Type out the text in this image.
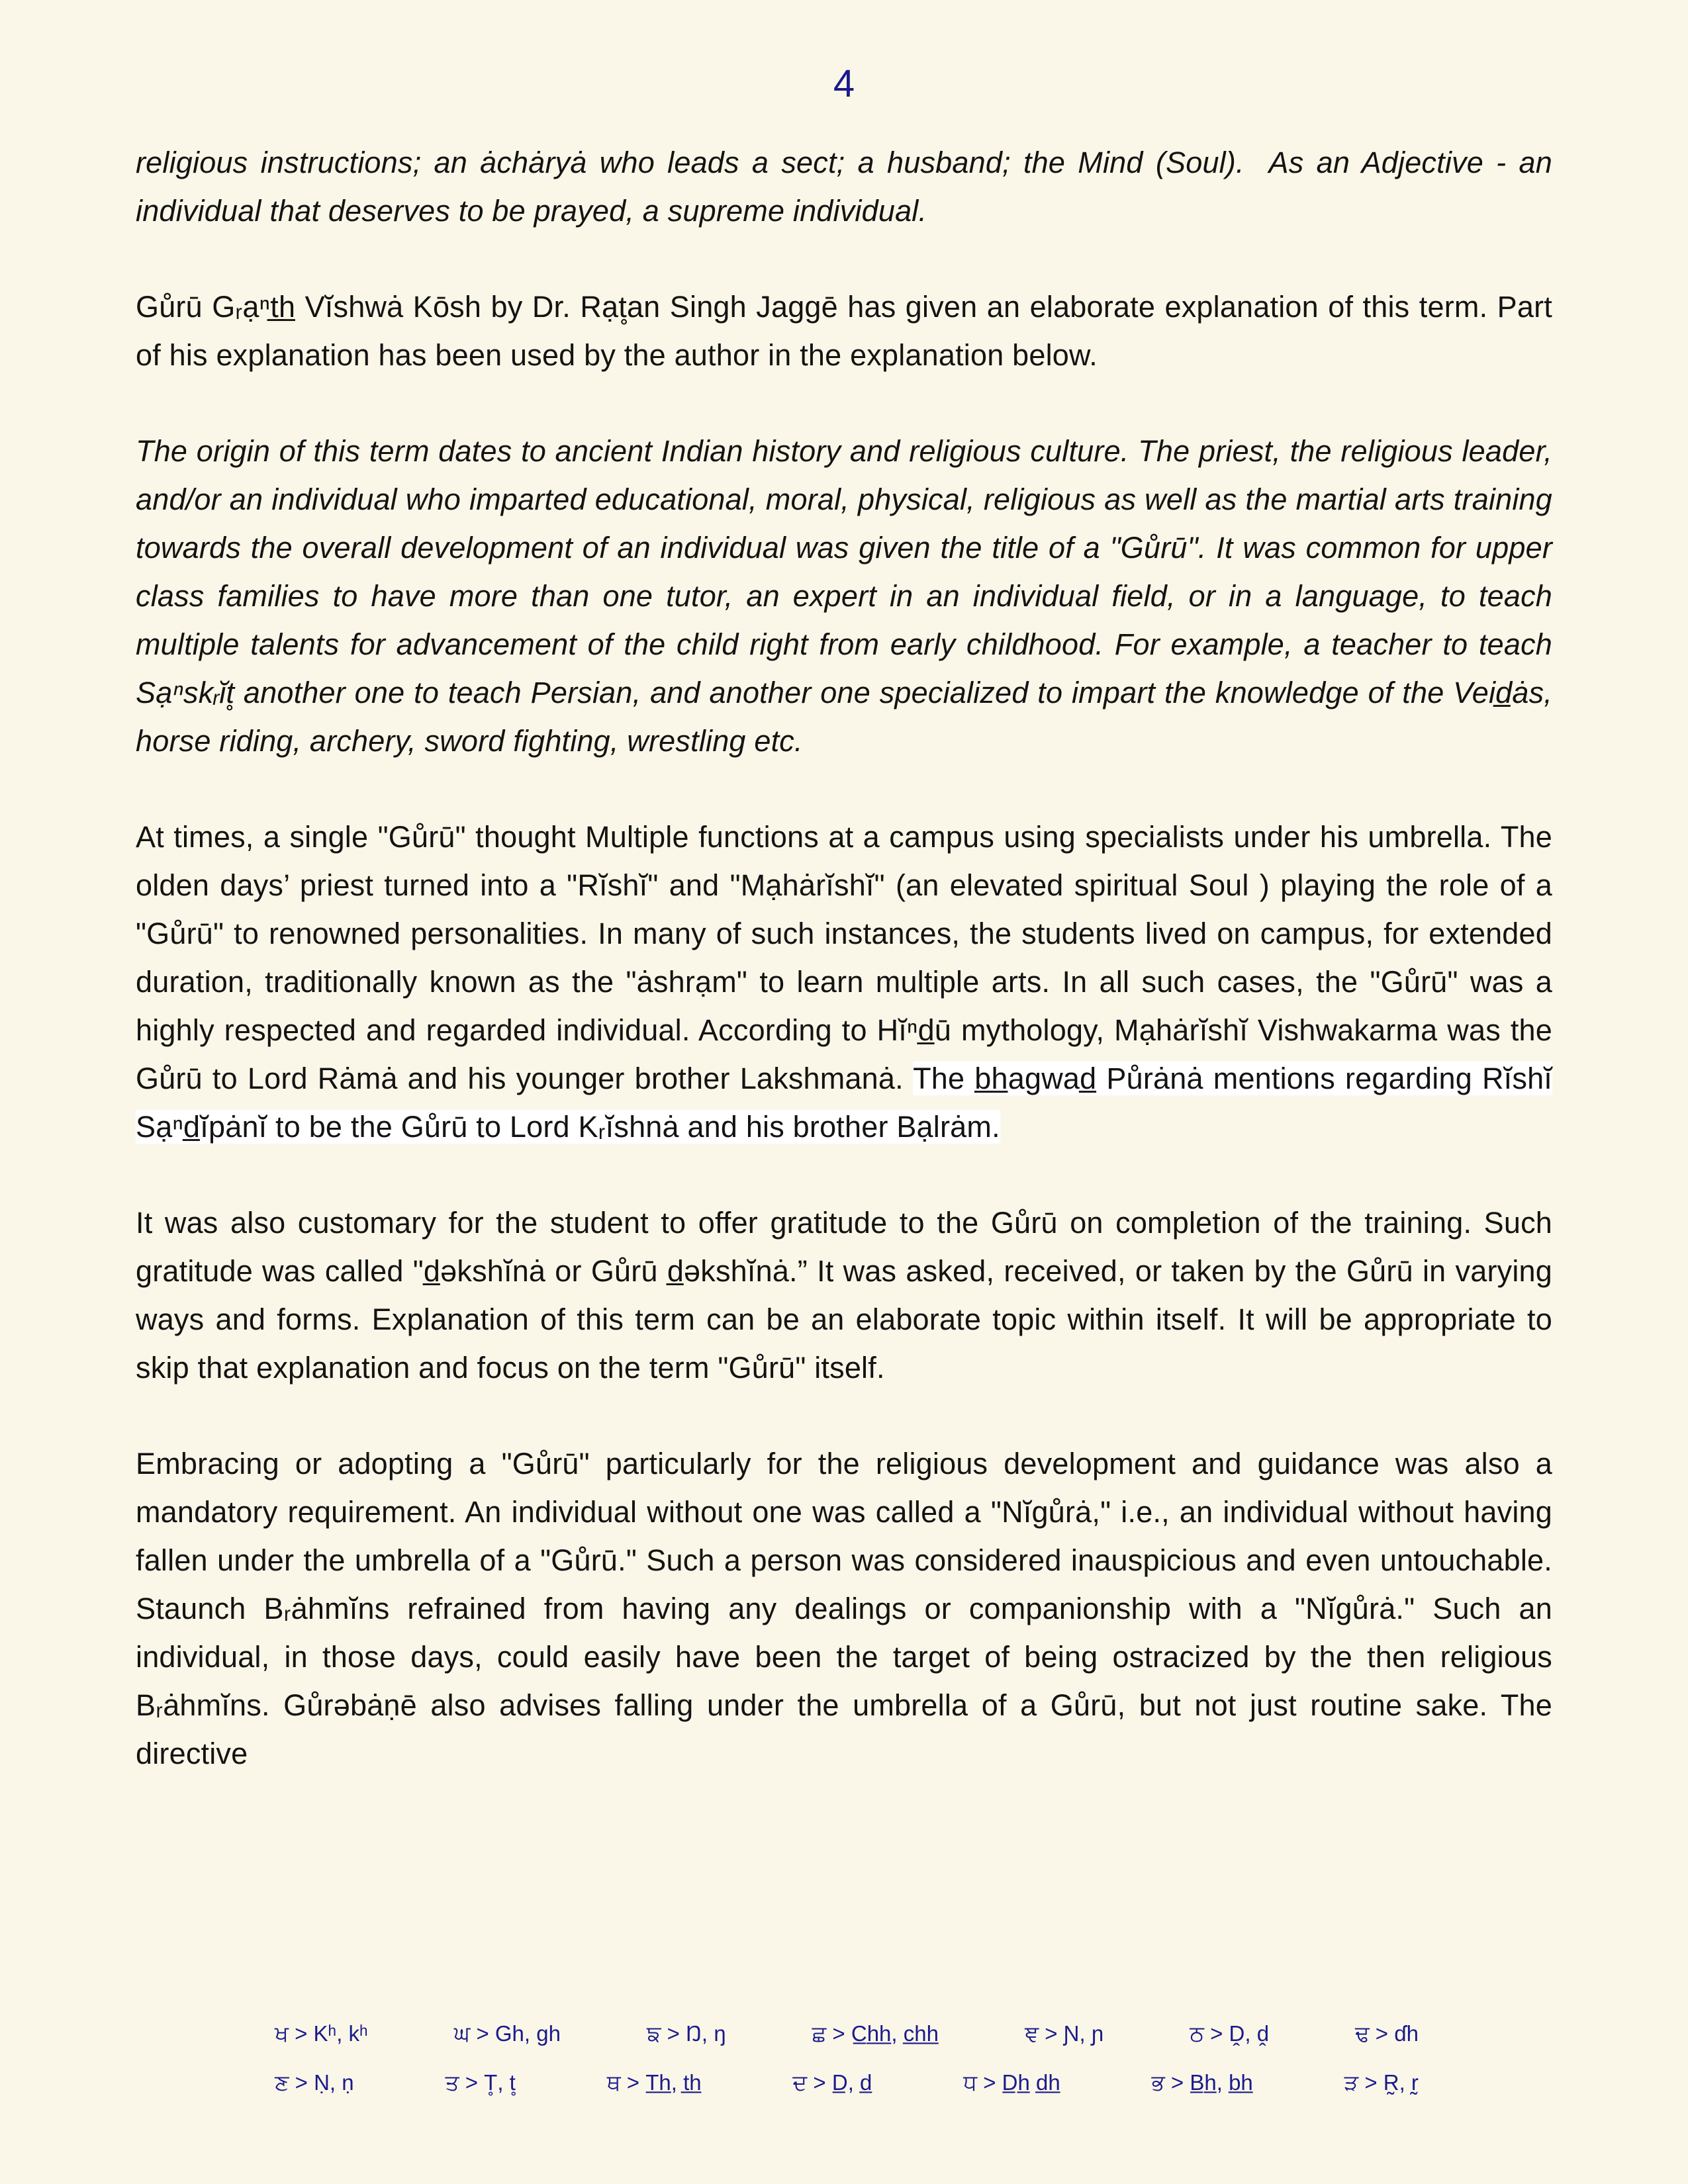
4

religious instructions; an ȧchȧryȧ who leads a sect; a husband; the Mind (Soul).  As an Adjective - an individual that deserves to be prayed, a supreme individual.

Gůrū Gᵣạⁿt̲h̲ Vĭshwȧ Kōsh by Dr. Rạt̥an Singh Jaggē has given an elaborate explanation of this term. Part of his explanation has been used by the author in the explanation below.

The origin of this term dates to ancient Indian history and religious culture. The priest, the religious leader, and/or an individual who imparted educational, moral, physical, religious as well as the martial arts training towards the overall development of an individual was given the title of a "Gůrū". It was common for upper class families to have more than one tutor, an expert in an individual field, or in a language, to teach multiple talents for advancement of the child right from early childhood. For example, a teacher to teach Sạⁿskᵣĭt̥ another one to teach Persian, and another one specialized to impart the knowledge of the Veid̲ȧs, horse riding, archery, sword fighting, wrestling etc.

At times, a single "Gůrū" thought Multiple functions at a campus using specialists under his umbrella. The olden days’ priest turned into a "Rĭshĭ" and "Mạhȧrĭshĭ" (an elevated spiritual Soul ) playing the role of a "Gůrū" to renowned personalities. In many of such instances, the students lived on campus, for extended duration, traditionally known as the "ȧshrạm" to learn multiple arts. In all such cases, the "Gůrū" was a highly respected and regarded individual. According to Hĭⁿd̲ū mythology, Mạhȧrĭshĭ Vishwakarma was the Gůrū to Lord Rȧmȧ and his younger brother Lakshmanȧ. The b̲h̲agwad̲ Půrȧnȧ mentions regarding Rĭshĭ Sạⁿd̲ĭpȧnĭ to be the Gůrū to Lord Kᵣĭshnȧ and his brother Bạlrȧm.

It was also customary for the student to offer gratitude to the Gůrū on completion of the training. Such gratitude was called "d̲əkshĭnȧ or Gůrū d̲əkshĭnȧ.” It was asked, received, or taken by the Gůrū in varying ways and forms. Explanation of this term can be an elaborate topic within itself. It will be appropriate to skip that explanation and focus on the term "Gůrū" itself.

Embracing or adopting a "Gůrū" particularly for the religious development and guidance was also a mandatory requirement. An individual without one was called a "Nĭgůrȧ," i.e., an individual without having fallen under the umbrella of a "Gůrū." Such a person was considered inauspicious and even untouchable. Staunch Bᵣȧhmĭns refrained from having any dealings or companionship with a "Nĭgůrȧ." Such an individual, in those days, could easily have been the target of being ostracized by the then religious Bᵣȧhmĭns. Gůrəbȧṇē also advises falling under the umbrella of a Gůrū, but not just routine sake. The directive

ਖ > Kʰ, kʰ	ਘ > Gh, gh	ਙ > Ŋ, ŋ	ਛ > C̲h̲h̲, c̲h̲h̲	ਞ > Ɲ, ɲ	ਠ > Ḓ, ḓ	ਢ > ɗh
ਣ > Ṇ, ṇ	ਤ > T̥, t̥	ਥ > T̲h̲, t̲h̲	ਦ > D̲, d̲	ਧ > D̲h̲ d̲h̲	ਭ > B̲h̲, b̲h̲	ੜ > R̰, r̰
